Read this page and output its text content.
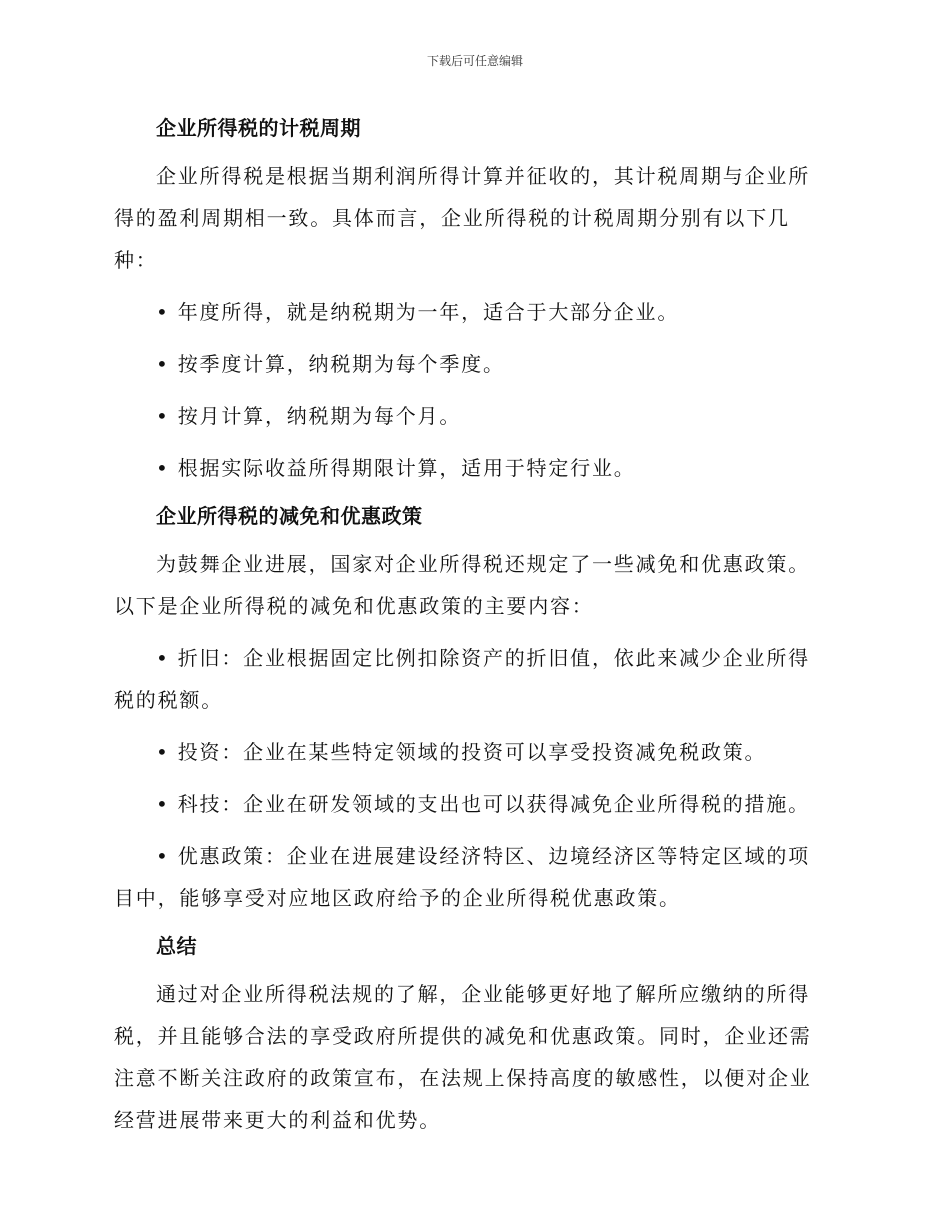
下载后可任意编辑
企业所得税的计税周期

企业所得税是根据当期利润所得计算并征收的，其计税周期与企业所得的盈利周期相一致。具体而言，企业所得税的计税周期分别有以下几种：

• 年度所得，就是纳税期为一年，适合于大部分企业。

• 按季度计算，纳税期为每个季度。

• 按月计算，纳税期为每个月。

• 根据实际收益所得期限计算，适用于特定行业。

企业所得税的减免和优惠政策

为鼓舞企业进展，国家对企业所得税还规定了一些减免和优惠政策。以下是企业所得税的减免和优惠政策的主要内容：

• 折旧：企业根据固定比例扣除资产的折旧值，依此来减少企业所得税的税额。

• 投资：企业在某些特定领域的投资可以享受投资减免税政策。

• 科技：企业在研发领域的支出也可以获得减免企业所得税的措施。

• 优惠政策：企业在进展建设经济特区、边境经济区等特定区域的项目中，能够享受对应地区政府给予的企业所得税优惠政策。

总结

通过对企业所得税法规的了解，企业能够更好地了解所应缴纳的所得税，并且能够合法的享受政府所提供的减免和优惠政策。同时，企业还需注意不断关注政府的政策宣布，在法规上保持高度的敏感性，以便对企业经营进展带来更大的利益和优势。
